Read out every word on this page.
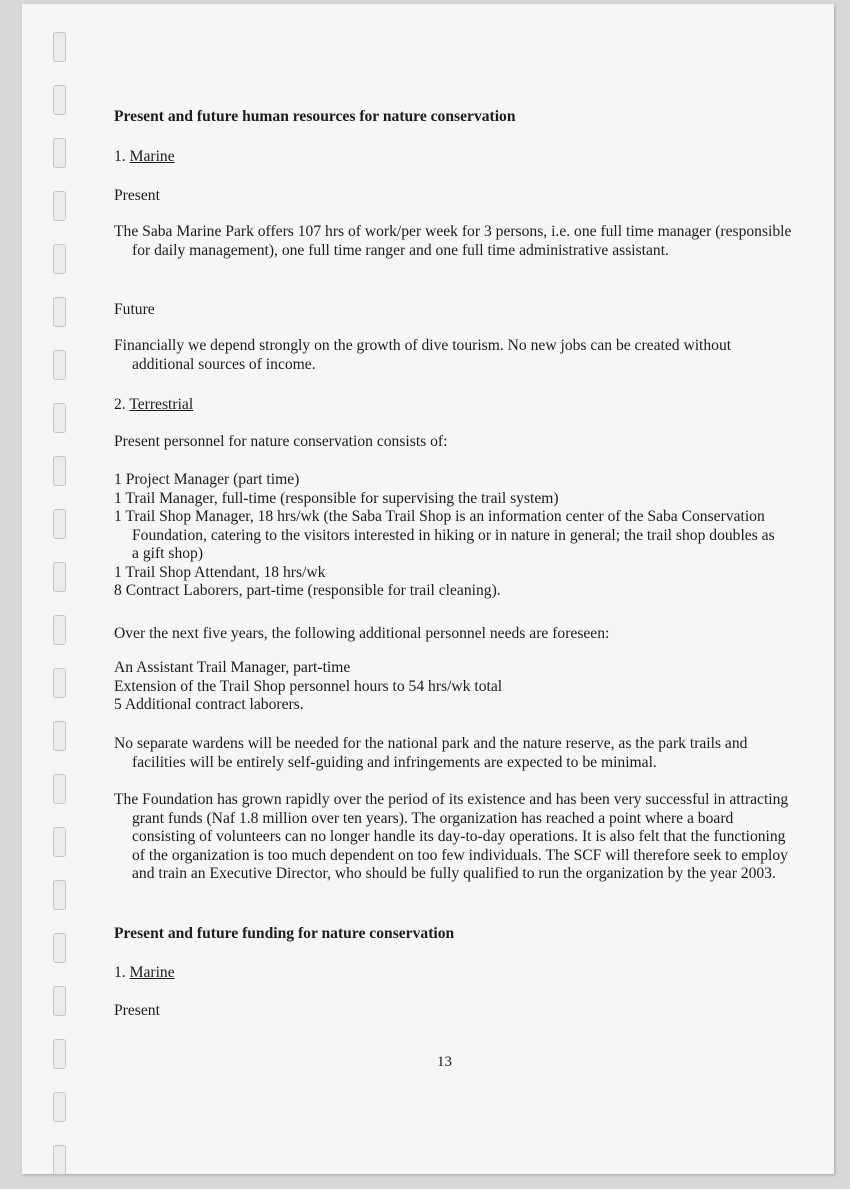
Present and future human resources for nature conservation
1. Marine
Present
The Saba Marine Park offers 107 hrs of work/per week for 3 persons, i.e. one full time manager (responsible for daily management), one full time ranger and one full time administrative assistant.
Future
Financially we depend strongly on the growth of dive tourism. No new jobs can be created without additional sources of income.
2. Terrestrial
Present personnel for nature conservation consists of:
1 Project Manager (part time)
1 Trail Manager, full-time (responsible for supervising the trail system)
1 Trail Shop Manager, 18 hrs/wk (the Saba Trail Shop is an information center of the Saba Conservation Foundation, catering to the visitors interested in hiking or in nature in general; the trail shop doubles as a gift shop)
1 Trail Shop Attendant, 18 hrs/wk
8 Contract Laborers, part-time (responsible for trail cleaning).
Over the next five years, the following additional personnel needs are foreseen:
An Assistant Trail Manager, part-time
Extension of the Trail Shop personnel hours to 54 hrs/wk total
5 Additional contract laborers.
No separate wardens will be needed for the national park and the nature reserve, as the park trails and facilities will be entirely self-guiding and infringements are expected to be minimal.
The Foundation has grown rapidly over the period of its existence and has been very successful in attracting grant funds (Naf 1.8 million over ten years). The organization has reached a point where a board consisting of volunteers can no longer handle its day-to-day operations. It is also felt that the functioning of the organization is too much dependent on too few individuals. The SCF will therefore seek to employ and train an Executive Director, who should be fully qualified to run the organization by the year 2003.
Present and future funding for nature conservation
1. Marine
Present
13
